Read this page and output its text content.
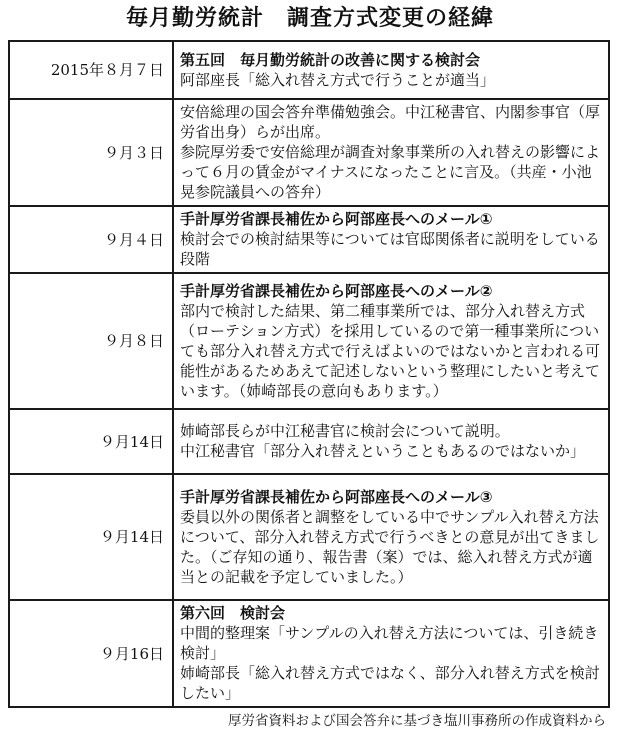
毎月勤労統計　調査方式変更の経緯
2015年８月７日	第五回　毎月勤労統計の改善に関する検討会
阿部座長「総入れ替え方式で行うことが適当」

９月３日	安倍総理の国会答弁準備勉強会。中江秘書官、内閣参事官（厚労省出身）らが出席。
参院厚労委で安倍総理が調査対象事業所の入れ替えの影響によって６月の賃金がマイナスになったことに言及。（共産・小池晃参院議員への答弁）

９月４日	手計厚労省課長補佐から阿部座長へのメール①
検討会での検討結果等については官邸関係者に説明をしている段階

９月８日	手計厚労省課長補佐から阿部座長へのメール②
部内で検討した結果、第二種事業所では、部分入れ替え方式（ローテション方式）を採用しているので第一種事業所についても部分入れ替え方式で行えばよいのではないかと言われる可能性があるためあえて記述しないという整理にしたいと考えています。（姉崎部長の意向もあります。）

９月14日	姉崎部長らが中江秘書官に検討会について説明。
中江秘書官「部分入れ替えということもあるのではないか」

９月14日	手計厚労省課長補佐から阿部座長へのメール③
委員以外の関係者と調整をしている中でサンプル入れ替え方法について、部分入れ替え方式で行うべきとの意見が出てきました。（ご存知の通り、報告書（案）では、総入れ替え方式が適当との記載を予定していました。）

９月16日	第六回　検討会
中間的整理案「サンプルの入れ替え方法については、引き続き検討」
姉崎部長「総入れ替え方式ではなく、部分入れ替え方式を検討したい」
厚労省資料および国会答弁に基づき塩川事務所の作成資料から
